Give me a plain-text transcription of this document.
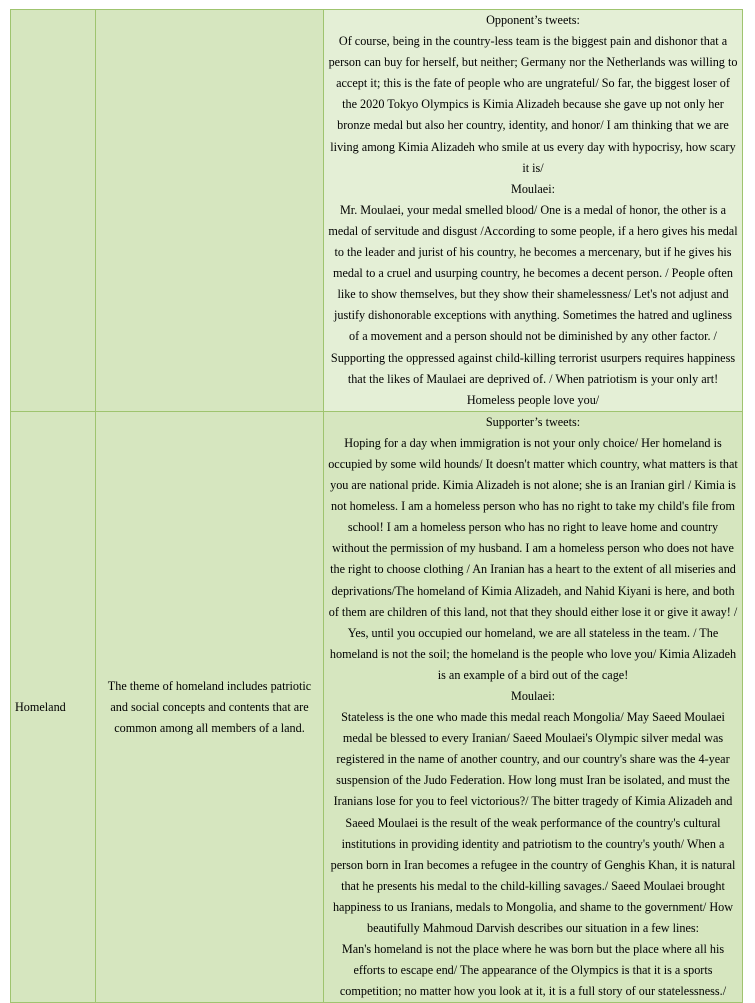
		Opponent’s tweets:
Of course, being in the country-less team is the biggest pain and dishonor that a person can buy for herself, but neither; Germany nor the Netherlands was willing to accept it; this is the fate of people who are ungrateful/ So far, the biggest loser of the 2020 Tokyo Olympics is Kimia Alizadeh because she gave up not only her bronze medal but also her country, identity, and honor/ I am thinking that we are living among Kimia Alizadeh who smile at us every day with hypocrisy, how scary it is/
Moulaei:
Mr. Moulaei, your medal smelled blood/ One is a medal of honor, the other is a medal of servitude and disgust /According to some people, if a hero gives his medal to the leader and jurist of his country, he becomes a mercenary, but if he gives his medal to a cruel and usurping country, he becomes a decent person. / People often like to show themselves, but they show their shamelessness/ Let's not adjust and justify dishonorable exceptions with anything. Sometimes the hatred and ugliness of a movement and a person should not be diminished by any other factor. / Supporting the oppressed against child-killing terrorist usurpers requires happiness that the likes of Maulaei are deprived of. / When patriotism is your only art!
Homeless people love you/

Homeland	The theme of homeland includes patriotic and social concepts and contents that are common among all members of a land.	Supporter’s tweets:
Hoping for a day when immigration is not your only choice/ Her homeland is occupied by some wild hounds/ It doesn't matter which country, what matters is that you are national pride. Kimia Alizadeh is not alone; she is an Iranian girl / Kimia is not homeless. I am a homeless person who has no right to take my child's file from school! I am a homeless person who has no right to leave home and country without the permission of my husband. I am a homeless person who does not have the right to choose clothing / An Iranian has a heart to the extent of all miseries and deprivations/The homeland of Kimia Alizadeh, and Nahid Kiyani is here, and both of them are children of this land, not that they should either lose it or give it away! / Yes, until you occupied our homeland, we are all stateless in the team. / The homeland is not the soil; the homeland is the people who love you/ Kimia Alizadeh is an example of a bird out of the cage!
Moulaei:
Stateless is the one who made this medal reach Mongolia/ May Saeed Moulaei medal be blessed to every Iranian/ Saeed Moulaei's Olympic silver medal was registered in the name of another country, and our country's share was the 4-year suspension of the Judo Federation. How long must Iran be isolated, and must the Iranians lose for you to feel victorious?/ The bitter tragedy of Kimia Alizadeh and Saeed Moulaei is the result of the weak performance of the country's cultural institutions in providing identity and patriotism to the country's youth/ When a person born in Iran becomes a refugee in the country of Genghis Khan, it is natural that he presents his medal to the child-killing savages./ Saeed Moulaei brought happiness to us Iranians, medals to Mongolia, and shame to the government/ How beautifully Mahmoud Darvish describes our situation in a few lines:
Man's homeland is not the place where he was born but the place where all his efforts to escape end/ The appearance of the Olympics is that it is a sports competition; no matter how you look at it, it is a full story of our statelessness./
